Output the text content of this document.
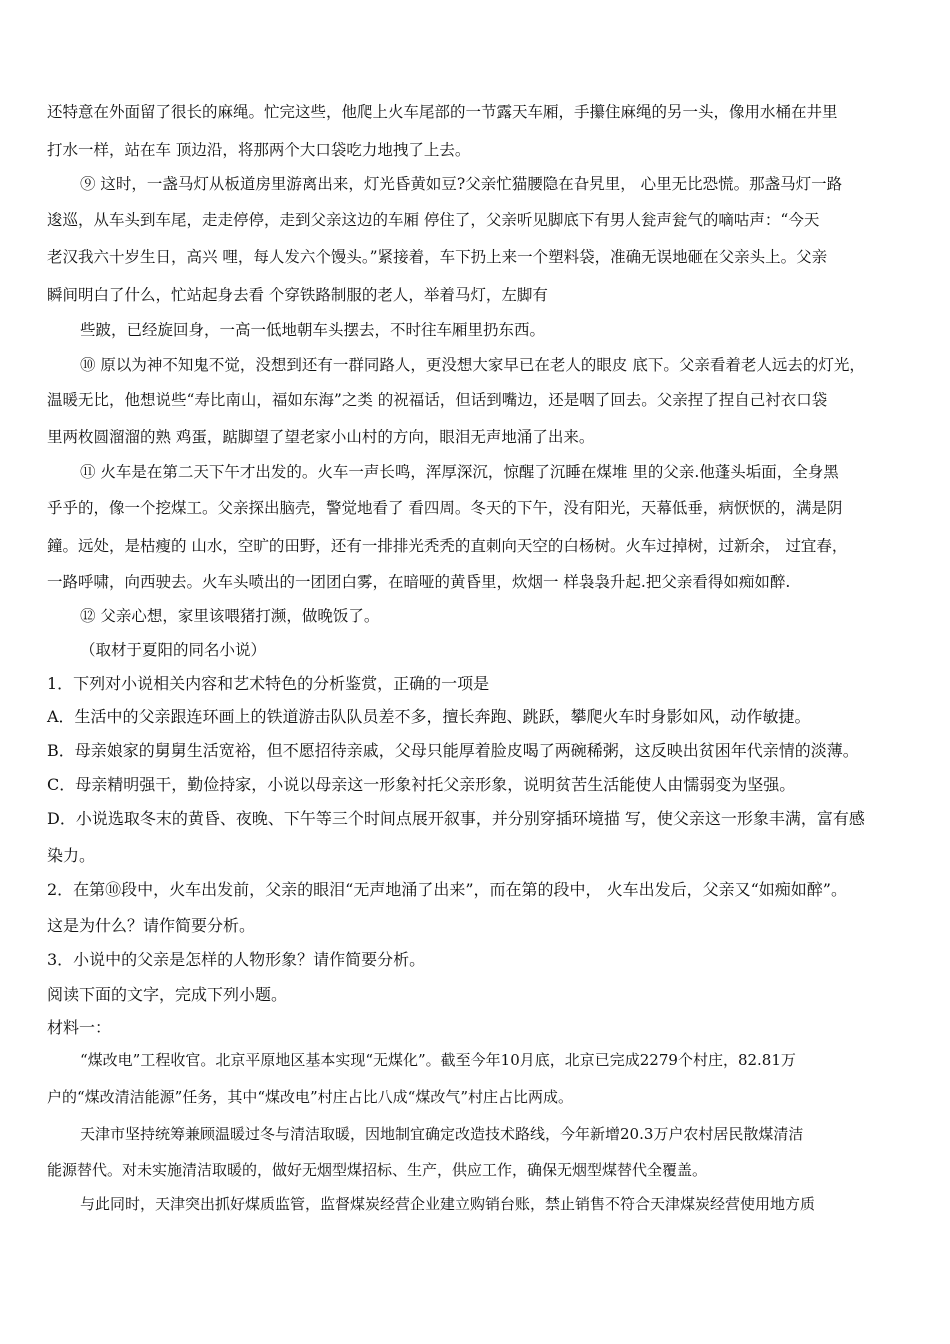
还特意在外面留了很长的麻绳。忙完这些，他爬上火车尾部的一节露天车厢，手攥住麻绳的另一头，像用水桶在井里
打水一样，站在车 顶边沿，将那两个大口袋吃力地拽了上去。
⑨ 这时，一盏马灯从板道房里游离出来，灯光昏黄如豆?父亲忙猫腰隐在旮旯里， 心里无比恐慌。那盏马灯一路
逡巡，从车头到车尾，走走停停，走到父亲这边的车厢 停住了，父亲听见脚底下有男人瓮声瓮气的嘀咕声：“今天
老汉我六十岁生日，高兴 哩，每人发六个馒头。”紧接着，车下扔上来一个塑料袋，准确无误地砸在父亲头上。父亲
瞬间明白了什么，忙站起身去看 个穿铁路制服的老人，举着马灯，左脚有
些跛，已经旋回身，一高一低地朝车头摆去，不时往车厢里扔东西。
⑩ 原以为神不知鬼不觉，没想到还有一群同路人，更没想大家早已在老人的眼皮 底下。父亲看着老人远去的灯光，
温暖无比，他想说些“寿比南山，福如东海”之类 的祝福话，但话到嘴边，还是咽了回去。父亲捏了捏自己衬衣口袋
里两枚圆溜溜的熟 鸡蛋，踮脚望了望老家小山村的方向，眼泪无声地涌了出来。
⑪ 火车是在第二天下午才出发的。火车一声长鸣，浑厚深沉，惊醒了沉睡在煤堆 里的父亲.他蓬头垢面，全身黑
乎乎的，像一个挖煤工。父亲探出脑壳，警觉地看了 看四周。冬天的下午，没有阳光，天幕低垂，病恹恹的，满是阴
鐘。远处，是枯瘦的 山水，空旷的田野，还有一排排光秃秃的直刺向天空的白杨树。火车过掉树，过新余， 过宜春，
一路呼啸，向西驶去。火车头喷出的一团团白雾，在暗哑的黄昏里，炊烟一 样袅袅升起.把父亲看得如痴如醉.
⑫ 父亲心想，家里该喂猪打濒，做晚饭了。
（取材于夏阳的同名小说）
1．下列对小说相关内容和艺术特色的分析鉴赏，正确的一项是
A．生活中的父亲跟连环画上的铁道游击队队员差不多，擅长奔跑、跳跃，攀爬火车时身影如风，动作敏捷。
B．母亲娘家的舅舅生活宽裕，但不愿招待亲戚，父母只能厚着脸皮喝了两碗稀粥，这反映出贫困年代亲情的淡薄。
C．母亲精明强干，勤俭持家，小说以母亲这一形象衬托父亲形象，说明贫苦生活能使人由懦弱变为坚强。
D．小说选取冬末的黄昏、夜晚、下午等三个时间点展开叙事，并分别穿插环境描 写，使父亲这一形象丰满，富有感
染力。
2．在第⑩段中，火车出发前，父亲的眼泪“无声地涌了出来”，而在第的段中， 火车出发后，父亲又“如痴如醉”。
这是为什么？请作简要分析。
3．小说中的父亲是怎样的人物形象？请作简要分析。
阅读下面的文字，完成下列小题。
材料一：
“煤改电”工程收官。北京平原地区基本实现“无煤化”。截至今年10月底，北京已完成2279个村庄，82.81万
户的“煤改清洁能源”任务，其中“煤改电”村庄占比八成“煤改气”村庄占比两成。
天津市坚持统筹兼顾温暖过冬与清洁取暖，因地制宜确定改造技术路线，今年新增20.3万户农村居民散煤清洁
能源替代。对未实施清洁取暖的，做好无烟型煤招标、生产，供应工作，确保无烟型煤替代全覆盖。
与此同时，天津突出抓好煤质监管，监督煤炭经营企业建立购销台账，禁止销售不符合天津煤炭经营使用地方质
